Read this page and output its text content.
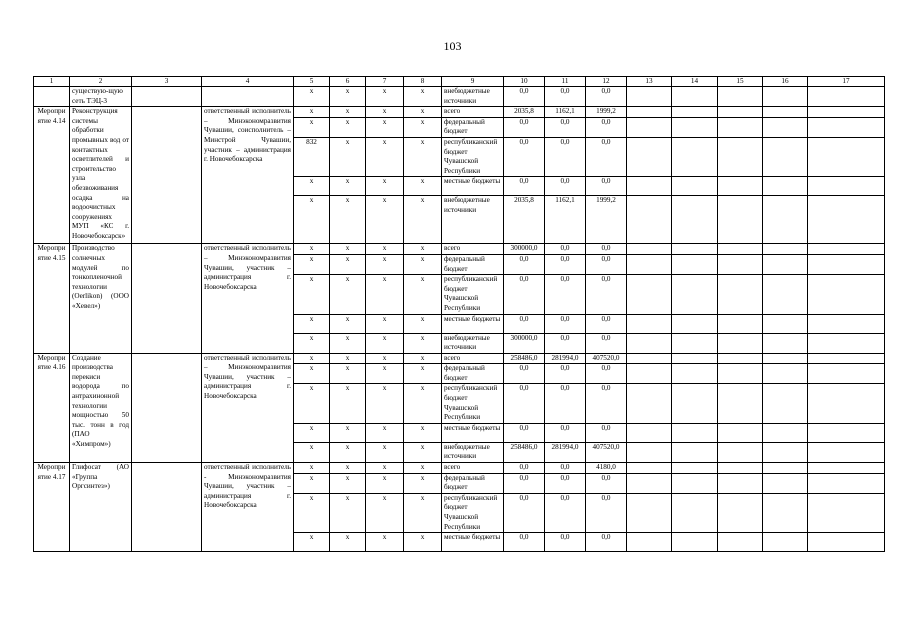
103
1	2	3	4	5	6	7	8	9	10	11	12	13	14	15	16	17
	существую-щую сеть ТЭЦ-3			x	x	x	x	внебюджетные источники	0,0	0,0	0,0					
Мероприятие 4.14	Реконструкция системы обработки промывных вод от контактных осветлителей и строительство узла обезвоживания осадка на водоочистных сооружениях МУП «КС г. Новочебоксарск»		ответственный исполнитель – Минэкономразвития Чувашии, соисполнитель – Минстрой Чувашии, участник – администрация г. Новочебоксарска	x	x	x	x	всего	2035,8	1162,1	1999,2					
				x	x	x	x	федеральный бюджет	0,0	0,0	0,0					
				832	x	x	x	республиканский бюджет Чувашской Республики	0,0	0,0	0,0					
				x	x	x	x	местные бюджеты	0,0	0,0	0,0					
				x	x	x	x	внебюджетные источники	2035,8	1162,1	1999,2					
Мероприятие 4.15	Производство солнечных модулей по тонкопленочной технологии (Oerlikon) (ООО «Хевел»)		ответственный исполнитель – Минэкономразвития Чувашии, участник – администрация г. Новочебоксарска	x	x	x	x	всего	300000,0	0,0	0,0					
				x	x	x	x	федеральный бюджет	0,0	0,0	0,0					
				x	x	x	x	республиканский бюджет Чувашской Республики	0,0	0,0	0,0					
				x	x	x	x	местные бюджеты	0,0	0,0	0,0					
				x	x	x	x	внебюджетные источники	300000,0	0,0	0,0					
Мероприятие 4.16	Создание производства перекиси водорода по антрахинонной технологии мощностью 50 тыс. тонн в год (ПАО «Химпром»)		ответственный исполнитель – Минэкономразвития Чувашии, участник – администрация г. Новочебоксарска	x	x	x	x	всего	258486,0	281994,0	407520,0					
				x	x	x	x	федеральный бюджет	0,0	0,0	0,0					
				x	x	x	x	республиканский бюджет Чувашской Республики	0,0	0,0	0,0					
				x	x	x	x	местные бюджеты	0,0	0,0	0,0					
				x	x	x	x	внебюджетные источники	258486,0	281994,0	407520,0					
Мероприятие 4.17	Глифосат (АО «Группа Оргсинтез»)		ответственный исполнитель - Минэкономразвития Чувашии, участник – администрация г. Новочебоксарска	x	x	x	x	всего	0,0	0,0	4180,0					
				x	x	x	x	федеральный бюджет	0,0	0,0	0,0					
				x	x	x	x	республиканский бюджет Чувашской Республики	0,0	0,0	0,0					
				x	x	x	x	местные бюджеты	0,0	0,0	0,0					
